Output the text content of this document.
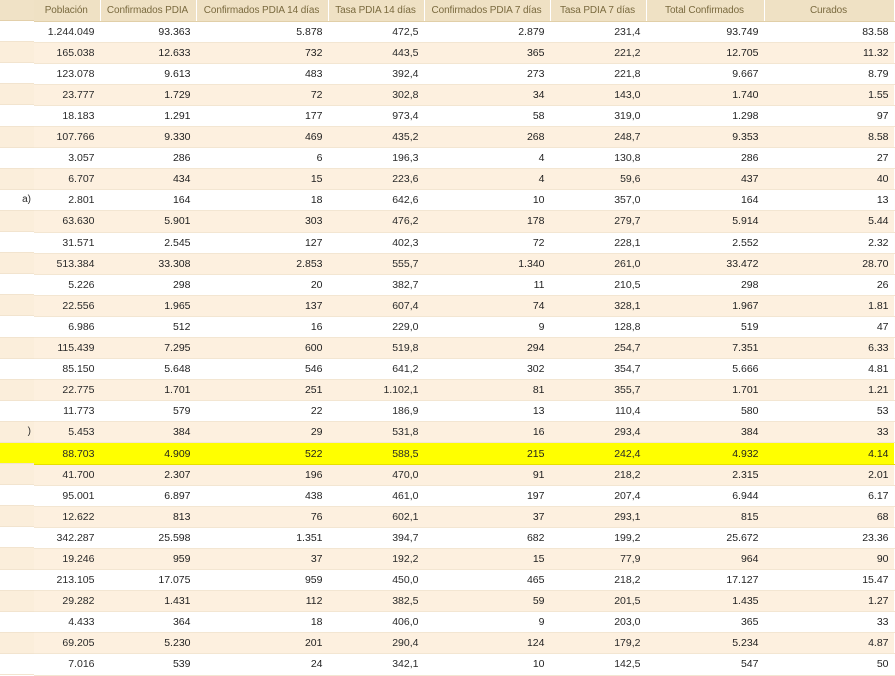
a)
)
Población	Confirmados PDIA	Confirmados PDIA 14 días	Tasa PDIA 14 días	Confirmados PDIA 7 días	Tasa PDIA 7 días	Total Confirmados	Curados
1.244.049	93.363	5.878	472,5	2.879	231,4	93.749	83.58
165.038	12.633	732	443,5	365	221,2	12.705	11.32
123.078	9.613	483	392,4	273	221,8	9.667	8.79
23.777	1.729	72	302,8	34	143,0	1.740	1.55
18.183	1.291	177	973,4	58	319,0	1.298	97
107.766	9.330	469	435,2	268	248,7	9.353	8.58
3.057	286	6	196,3	4	130,8	286	27
6.707	434	15	223,6	4	59,6	437	40
2.801	164	18	642,6	10	357,0	164	13
63.630	5.901	303	476,2	178	279,7	5.914	5.44
31.571	2.545	127	402,3	72	228,1	2.552	2.32
513.384	33.308	2.853	555,7	1.340	261,0	33.472	28.70
5.226	298	20	382,7	11	210,5	298	26
22.556	1.965	137	607,4	74	328,1	1.967	1.81
6.986	512	16	229,0	9	128,8	519	47
115.439	7.295	600	519,8	294	254,7	7.351	6.33
85.150	5.648	546	641,2	302	354,7	5.666	4.81
22.775	1.701	251	1.102,1	81	355,7	1.701	1.21
11.773	579	22	186,9	13	110,4	580	53
5.453	384	29	531,8	16	293,4	384	33
88.703	4.909	522	588,5	215	242,4	4.932	4.14
41.700	2.307	196	470,0	91	218,2	2.315	2.01
95.001	6.897	438	461,0	197	207,4	6.944	6.17
12.622	813	76	602,1	37	293,1	815	68
342.287	25.598	1.351	394,7	682	199,2	25.672	23.36
19.246	959	37	192,2	15	77,9	964	90
213.105	17.075	959	450,0	465	218,2	17.127	15.47
29.282	1.431	112	382,5	59	201,5	1.435	1.27
4.433	364	18	406,0	9	203,0	365	33
69.205	5.230	201	290,4	124	179,2	5.234	4.87
7.016	539	24	342,1	10	142,5	547	50
